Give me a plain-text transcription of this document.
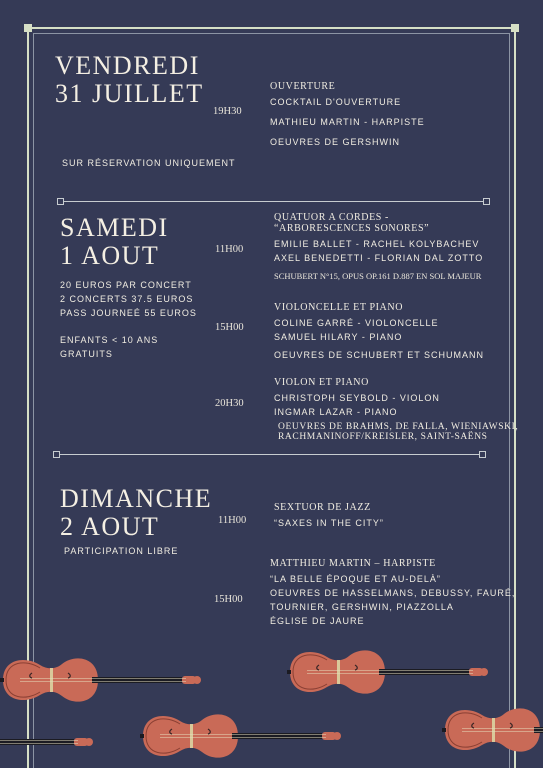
VENDREDI
31 JUILLET
SUR RÉSERVATION UNIQUEMENT
19H30
OUVERTURE
COCKTAIL D'OUVERTURE
MATHIEU MARTIN - HARPISTE
OEUVRES DE GERSHWIN
SAMEDI
1 AOUT
20 EUROS PAR CONCERT
2 CONCERTS 37.5 EUROS
PASS JOURNEÉ 55 EUROS
ENFANTS < 10 ANS
GRATUITS
11H00
QUATUOR A CORDES -
“ARBORESCENCES SONORES”
EMILIE BALLET - RACHEL KOLYBACHEV
AXEL BENEDETTI - FLORIAN DAL ZOTTO
SCHUBERT N°15, OPUS OP.161 D.887 EN SOL MAJEUR
15H00
VIOLONCELLE ET PIANO
COLINE GARRÉ - VIOLONCELLE
SAMUEL HILARY - PIANO
OEUVRES DE SCHUBERT ET SCHUMANN
20H30
VIOLON ET PIANO
CHRISTOPH SEYBOLD - VIOLON
INGMAR LAZAR - PIANO
OEUVRES DE BRAHMS, DE FALLA, WIENIAWSKI,
RACHMANINOFF/KREISLER, SAINT-SAËNS
DIMANCHE
2 AOUT
PARTICIPATION LIBRE
11H00
SEXTUOR DE JAZZ
“SAXES IN THE CITY”
15H00
MATTHIEU MARTIN – HARPISTE
“LA BELLE ÉPOQUE ET AU-DELÀ”
OEUVRES DE HASSELMANS, DEBUSSY, FAURÉ,
TOURNIER, GERSHWIN, PIAZZOLLA
ÉGLISE DE JAURE
